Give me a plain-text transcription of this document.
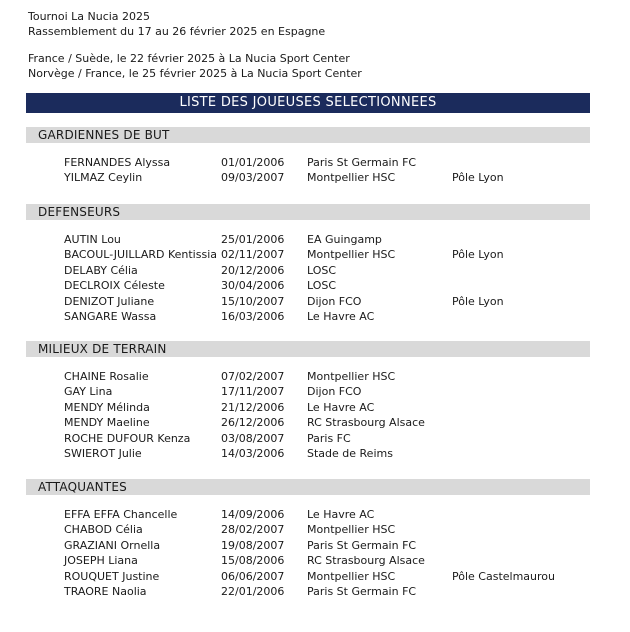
Tournoi La Nucia 2025
Rassemblement du 17 au 26 février 2025 en Espagne
France / Suède, le 22 février 2025 à La Nucia Sport Center
Norvège / France, le 25 février 2025 à La Nucia Sport Center
LISTE DES JOUEUSES SELECTIONNEES
GARDIENNES DE BUT
FERNANDES Alyssa	01/01/2006 Paris St Germain FC
YILMAZ Ceylin	09/03/2007 Montpellier HSC	Pôle Lyon
DEFENSEURS
AUTIN Lou	25/01/2006 EA Guingamp
BACOUL-JUILLARD Kentissia 02/11/2007 Montpellier HSC	Pôle Lyon
DELABY Célia	20/12/2006 LOSC
DECLROIX Céleste	30/04/2006 LOSC
DENIZOT Juliane	15/10/2007 Dijon FCO	Pôle Lyon
SANGARE Wassa	16/03/2006 Le Havre AC
MILIEUX DE TERRAIN
CHAINE Rosalie	07/02/2007 Montpellier HSC
GAY Lina	17/11/2007 Dijon FCO
MENDY Mélinda	21/12/2006 Le Havre AC
MENDY Maeline	26/12/2006 RC Strasbourg Alsace
ROCHE DUFOUR Kenza	03/08/2007 Paris FC
SWIEROT Julie	14/03/2006 Stade de Reims
ATTAQUANTES
EFFA EFFA Chancelle	14/09/2006 Le Havre AC
CHABOD Célia	28/02/2007 Montpellier HSC
GRAZIANI Ornella	19/08/2007 Paris St Germain FC
JOSEPH Liana	15/08/2006 RC Strasbourg Alsace
ROUQUET Justine	06/06/2007 Montpellier HSC	Pôle Castelmaurou
TRAORE Naolia	22/01/2006 Paris St Germain FC
